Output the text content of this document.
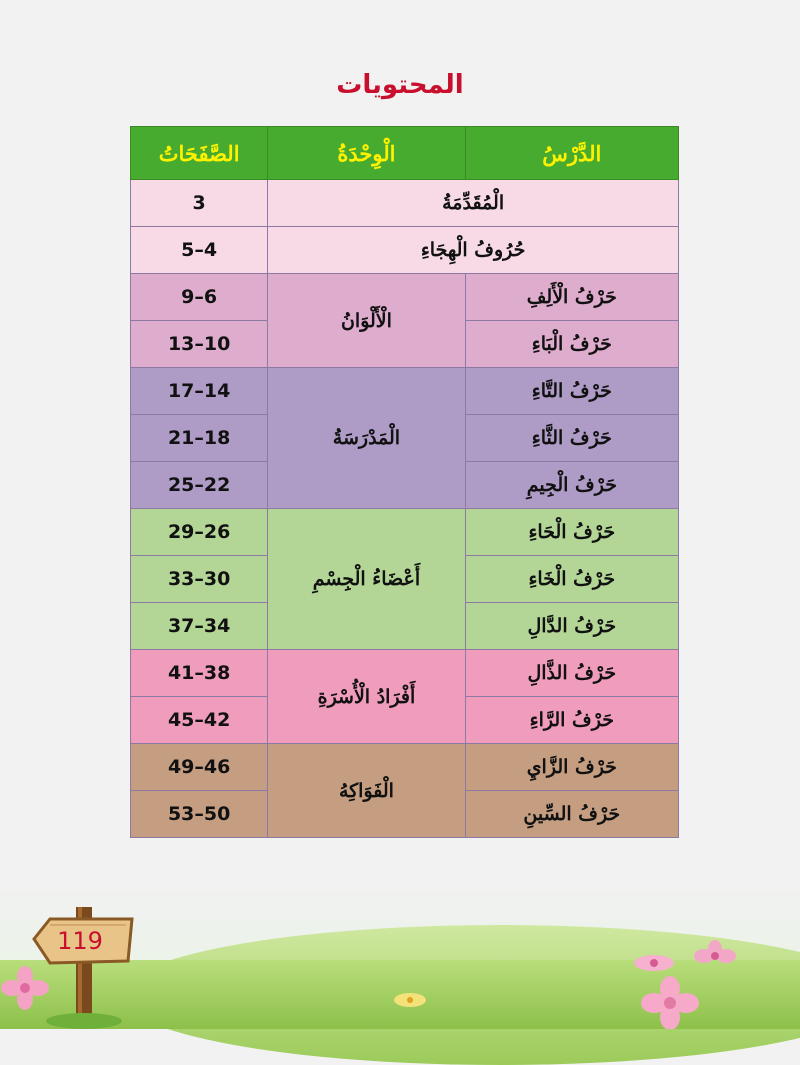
المحتويات
الدَّرْسُ	الْوِحْدَةُ	الصَّفَحَاتُ
الْمُقَدِّمَةُ		3
حُرُوفُ الْهِجَاءِ		5–4
حَرْفُ الْأَلِفِ	الْأَلْوَانُ	9–6
حَرْفُ الْبَاءِ		13–10
حَرْفُ التَّاءِ	الْمَدْرَسَةُ	17–14
حَرْفُ الثَّاءِ		21–18
حَرْفُ الْجِيمِ		25–22
حَرْفُ الْحَاءِ	أَعْضَاءُ الْجِسْمِ	29–26
حَرْفُ الْخَاءِ		33–30
حَرْفُ الدَّالِ		37–34
حَرْفُ الذَّالِ	أَفْرَادُ الْأُسْرَةِ	41–38
حَرْفُ الرَّاءِ		45–42
حَرْفُ الزَّايِ	الْفَوَاكِهُ	49–46
حَرْفُ السِّينِ		53–50
119
